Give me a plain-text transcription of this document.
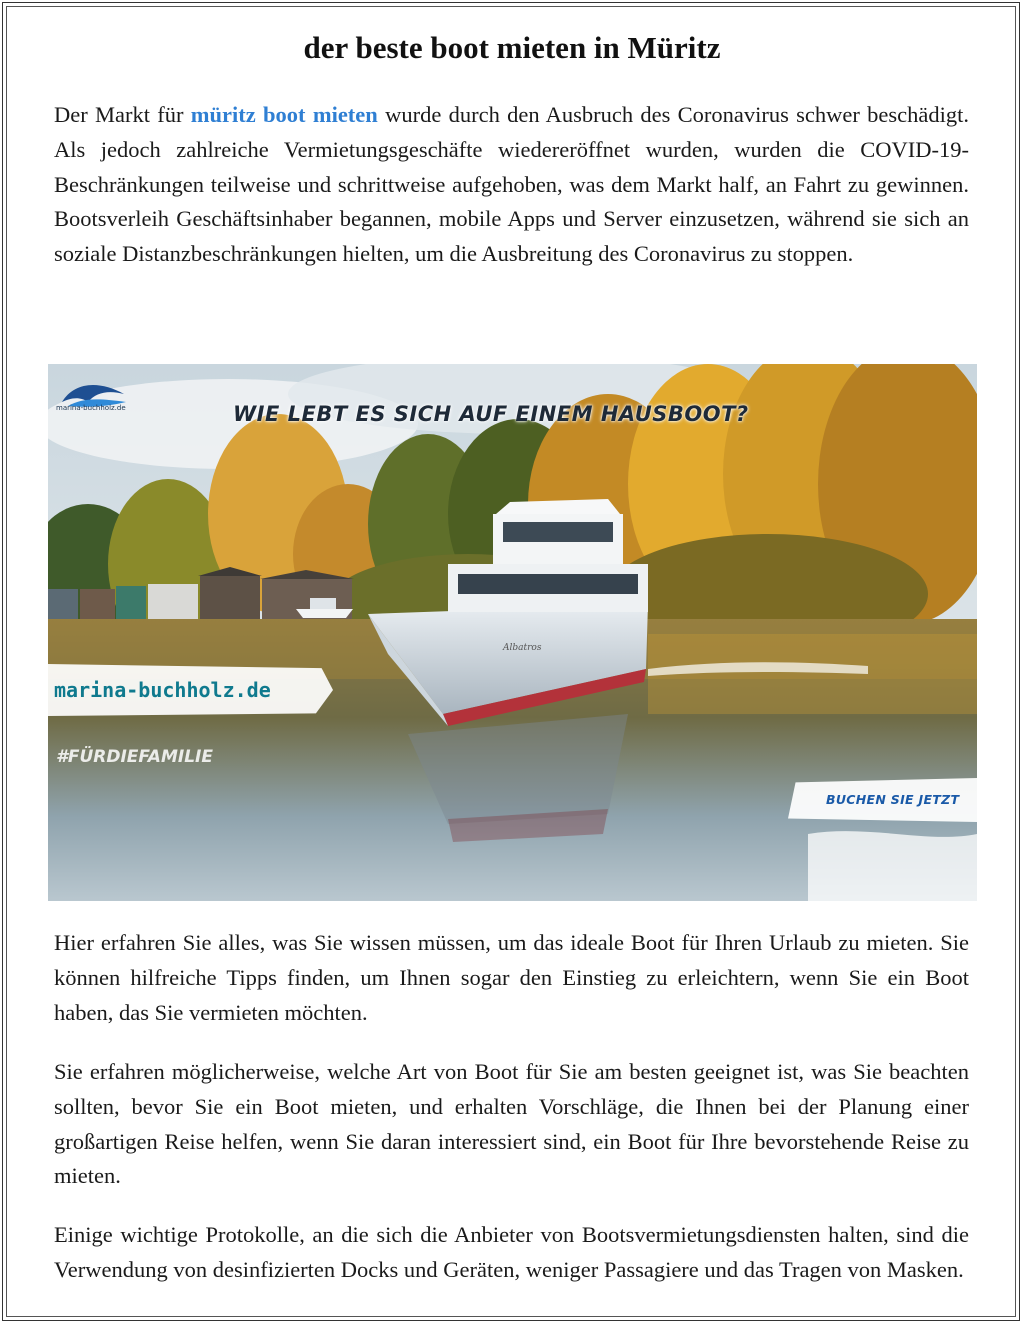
der beste boot mieten in Müritz

Der Markt für müritz boot mieten wurde durch den Ausbruch des Coronavirus schwer beschädigt. Als jedoch zahlreiche Vermietungsgeschäfte wiedereröffnet wurden, wurden die COVID-19-Beschränkungen teilweise und schrittweise aufgehoben, was dem Markt half, an Fahrt zu gewinnen. Bootsverleih Geschäftsinhaber begannen, mobile Apps und Server einzusetzen, während sie sich an soziale Distanzbeschränkungen hielten, um die Ausbreitung des Coronavirus zu stoppen.

Albatros
marina-buchholz.de	WIE LEBT ES SICH AUF EINEM HAUSBOOT?
marina-buchholz.de
#FÜRDIEFAMILIE
BUCHEN SIE JETZT

Hier erfahren Sie alles, was Sie wissen müssen, um das ideale Boot für Ihren Urlaub zu mieten. Sie können hilfreiche Tipps finden, um Ihnen sogar den Einstieg zu erleichtern, wenn Sie ein Boot haben, das Sie vermieten möchten.

Sie erfahren möglicherweise, welche Art von Boot für Sie am besten geeignet ist, was Sie beachten sollten, bevor Sie ein Boot mieten, und erhalten Vorschläge, die Ihnen bei der Planung einer großartigen Reise helfen, wenn Sie daran interessiert sind, ein Boot für Ihre bevorstehende Reise zu mieten.

Einige wichtige Protokolle, an die sich die Anbieter von Bootsvermietungsdiensten halten, sind die Verwendung von desinfizierten Docks und Geräten, weniger Passagiere und das Tragen von Masken.
